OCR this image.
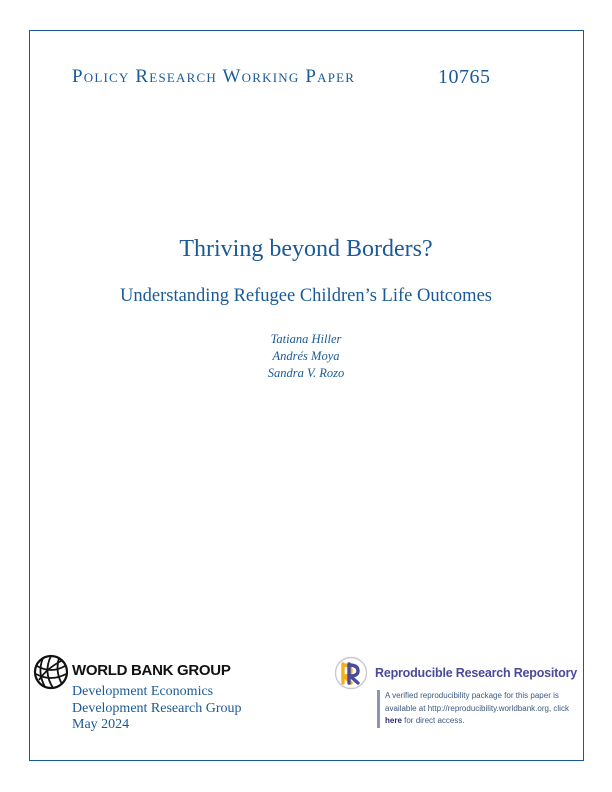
Policy Research Working Paper	10765
Thriving beyond Borders?
Understanding Refugee Children’s Life Outcomes
Tatiana Hiller
Andrés Moya
Sandra V. Rozo
WORLD BANK GROUP
Development Economics
Development Research Group
May 2024
Reproducible Research Repository
A verified reproducibility package for this paper is available at http://reproducibility.worldbank.org, click here for direct access.
